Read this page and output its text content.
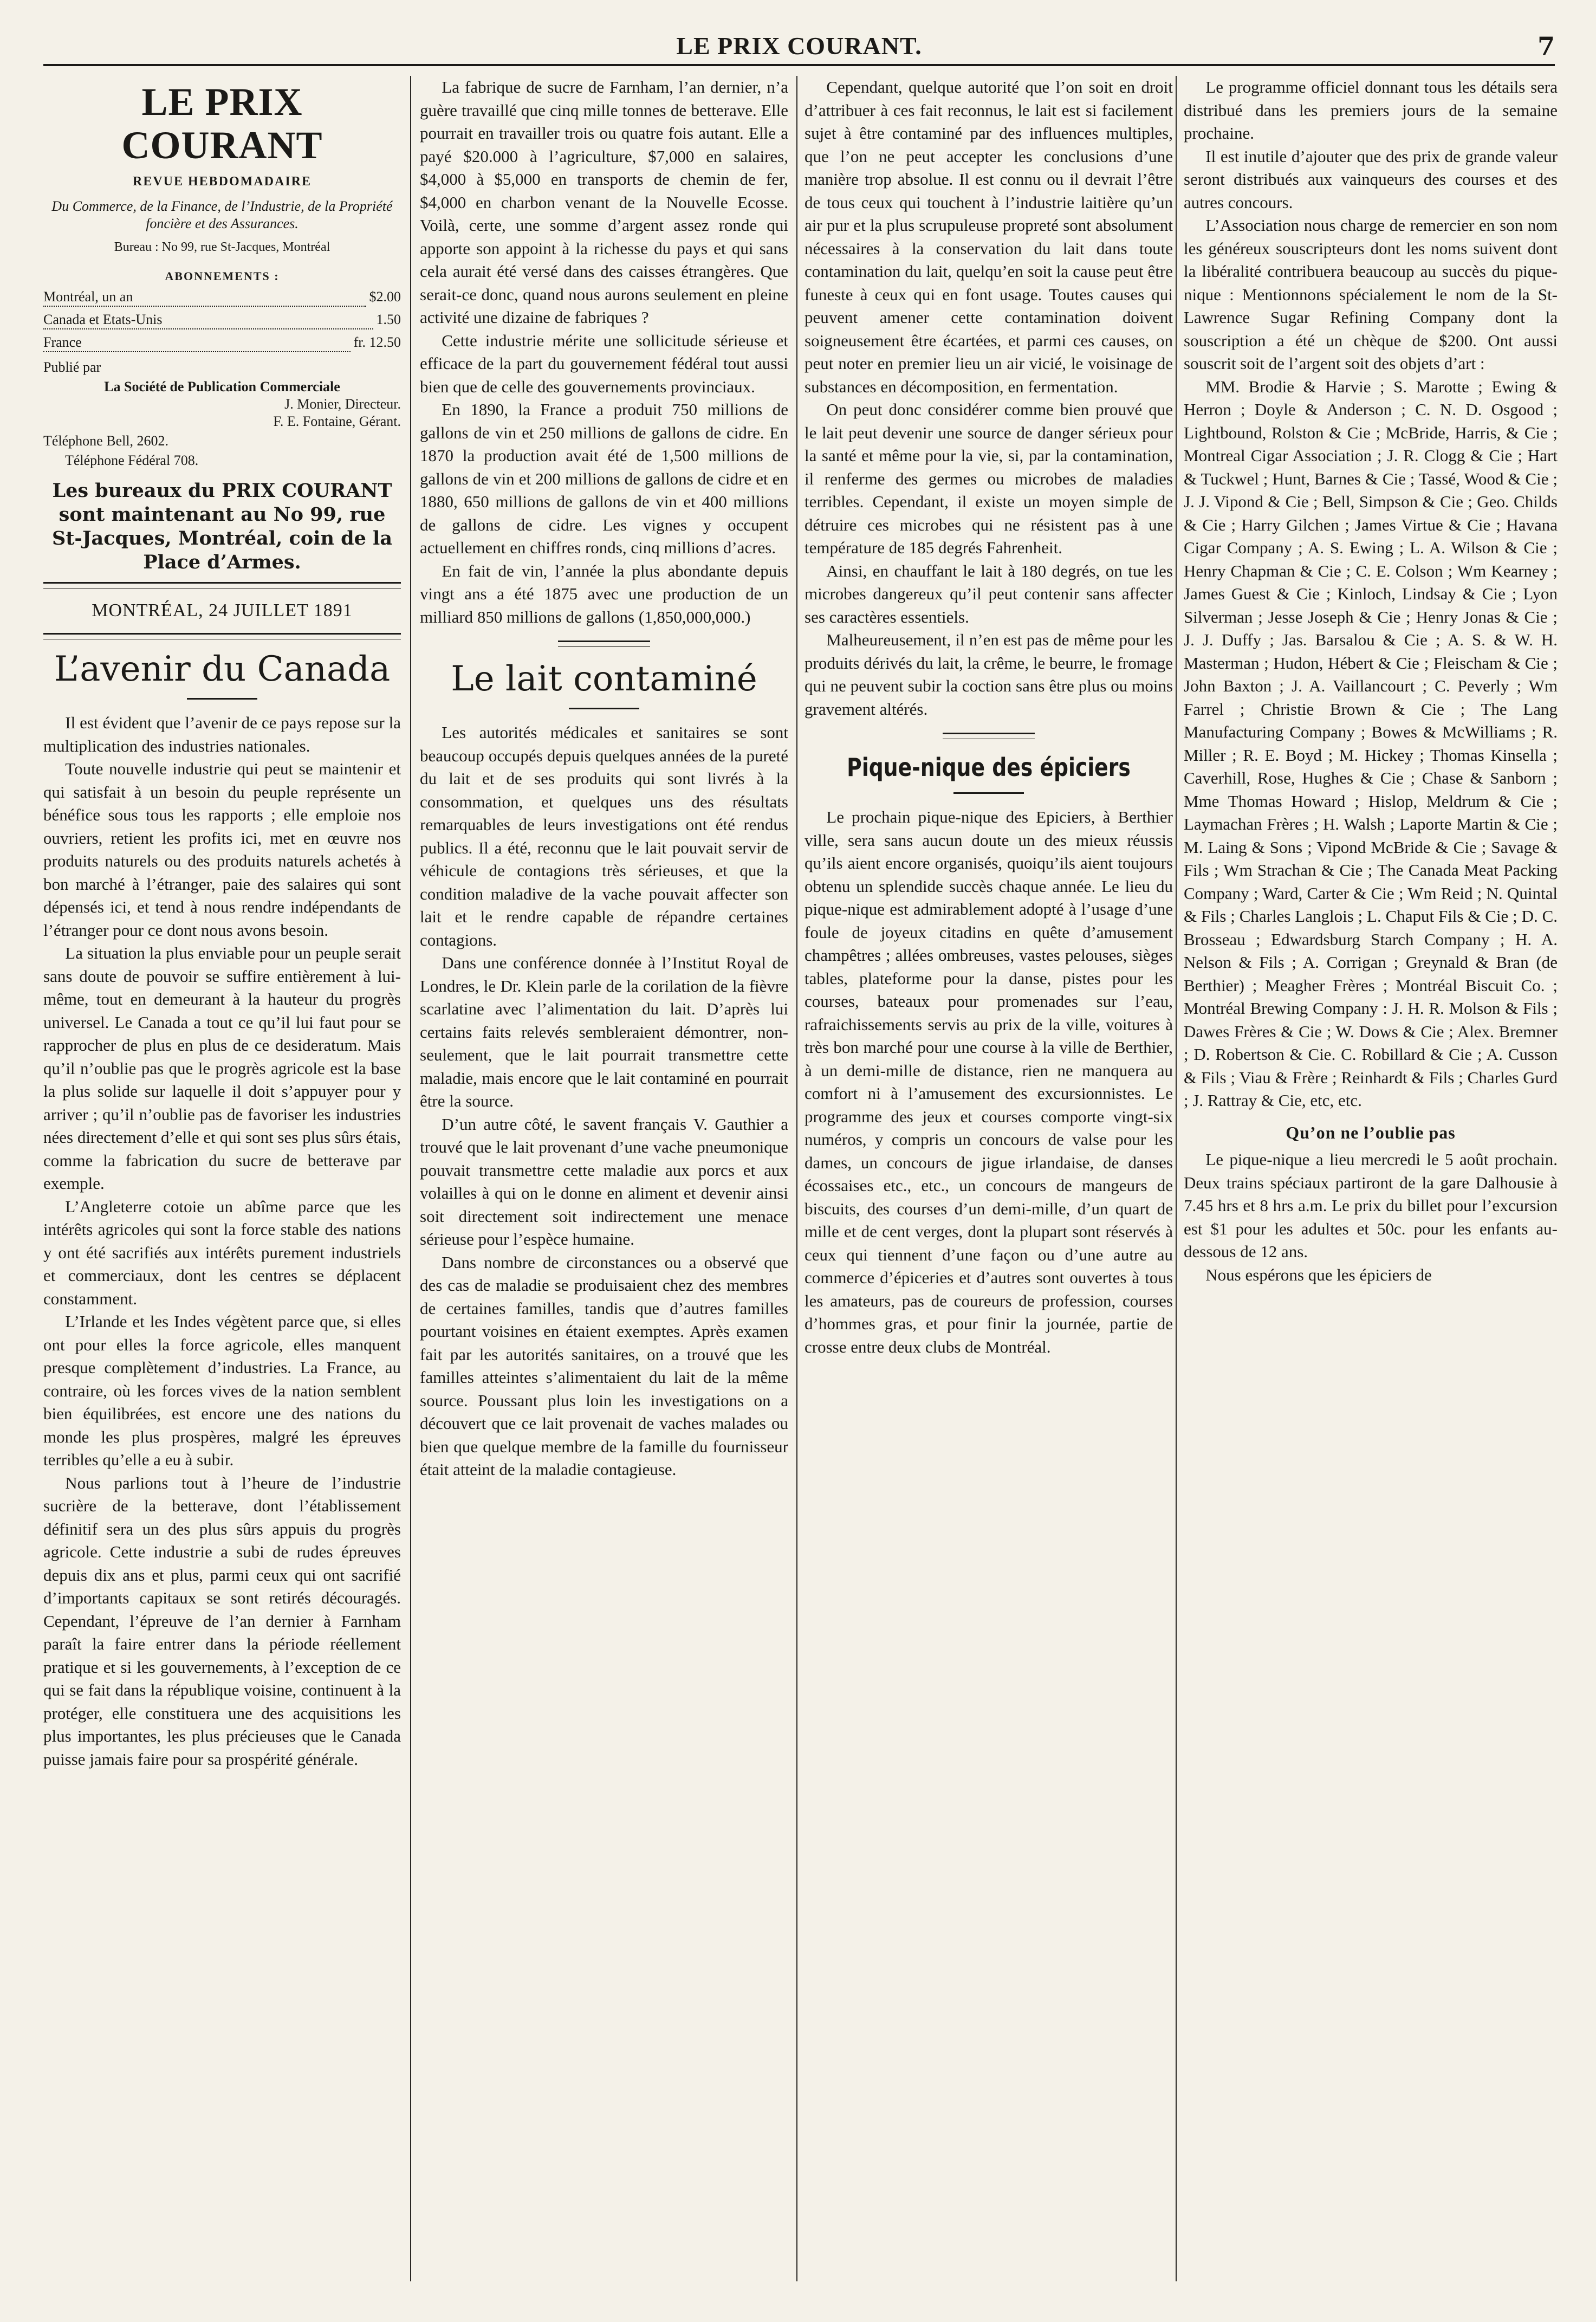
LE PRIX COURANT.	7
LE PRIX COURANT
REVUE HEBDOMADAIRE
Du Commerce, de la Finance, de l’Industrie, de la Propriété foncière et des Assurances.
Bureau : No 99, rue St-Jacques, Montréal
ABONNEMENTS :
Montréal, un an	$2.00
Canada et Etats-Unis	1.50
France	fr. 12.50
Publié par
La Société de Publication Commerciale
J. Monier, Directeur.
F. E. Fontaine, Gérant.
Téléphone Bell, 2602.
Téléphone Fédéral 708.
Les bureaux du PRIX COURANT sont maintenant au No 99, rue St-Jacques, Montréal, coin de la Place d’Armes.
MONTRÉAL, 24 JUILLET 1891
L’avenir du Canada

Il est évident que l’avenir de ce pays repose sur la multiplication des industries nationales.

Toute nouvelle industrie qui peut se maintenir et qui satisfait à un besoin du peuple représente un bénéfice sous tous les rapports ; elle emploie nos ouvriers, retient les profits ici, met en œuvre nos produits naturels ou des produits naturels achetés à bon marché à l’étranger, paie des salaires qui sont dépensés ici, et tend à nous rendre indépendants de l’étranger pour ce dont nous avons besoin.

La situation la plus enviable pour un peuple serait sans doute de pouvoir se suffire entièrement à lui-même, tout en demeurant à la hauteur du progrès universel. Le Canada a tout ce qu’il lui faut pour se rapprocher de plus en plus de ce desideratum. Mais qu’il n’oublie pas que le progrès agricole est la base la plus solide sur laquelle il doit s’appuyer pour y arriver ; qu’il n’oublie pas de favoriser les industries nées directement d’elle et qui sont ses plus sûrs étais, comme la fabrication du sucre de betterave par exemple.

L’Angleterre cotoie un abîme parce que les intérêts agricoles qui sont la force stable des nations y ont été sacrifiés aux intérêts purement industriels et commerciaux, dont les centres se déplacent constamment.

L’Irlande et les Indes végètent parce que, si elles ont pour elles la force agricole, elles manquent presque complètement d’industries. La France, au contraire, où les forces vives de la nation semblent bien équilibrées, est encore une des nations du monde les plus prospères, malgré les épreuves terribles qu’elle a eu à subir.

Nous parlions tout à l’heure de l’industrie sucrière de la betterave, dont l’établissement définitif sera un des plus sûrs appuis du progrès agricole. Cette industrie a subi de rudes épreuves depuis dix ans et plus, parmi ceux qui ont sacrifié d’importants capitaux se sont retirés découragés. Cependant, l’épreuve de l’an dernier à Farnham paraît la faire entrer dans la période réellement pratique et si les gouvernements, à l’exception de ce qui se fait dans la république voisine, continuent à la protéger, elle constituera une des acquisitions les plus importantes, les plus précieuses que le Canada puisse jamais faire pour sa prospérité générale.

La fabrique de sucre de Farnham, l’an dernier, n’a guère travaillé que cinq mille tonnes de betterave. Elle pourrait en travailler trois ou quatre fois autant. Elle a payé $20.000 à l’agriculture, $7,000 en salaires, $4,000 à $5,000 en transports de chemin de fer, $4,000 en charbon venant de la Nouvelle Ecosse. Voilà, certe, une somme d’argent assez ronde qui apporte son appoint à la richesse du pays et qui sans cela aurait été versé dans des caisses étrangères. Que serait-ce donc, quand nous aurons seulement en pleine activité une dizaine de fabriques ?

Cette industrie mérite une sollicitude sérieuse et efficace de la part du gouvernement fédéral tout aussi bien que de celle des gouvernements provinciaux.

En 1890, la France a produit 750 millions de gallons de vin et 250 millions de gallons de cidre. En 1870 la production avait été de 1,500 millions de gallons de vin et 200 millions de gallons de cidre et en 1880, 650 millions de gallons de vin et 400 millions de gallons de cidre. Les vignes y occupent actuellement en chiffres ronds, cinq millions d’acres.

En fait de vin, l’année la plus abondante depuis vingt ans a été 1875 avec une production de un milliard 850 millions de gallons (1,850,000,000.)

Le lait contaminé

Les autorités médicales et sanitaires se sont beaucoup occupés depuis quelques années de la pureté du lait et de ses produits qui sont livrés à la consommation, et quelques uns des résultats remarquables de leurs investigations ont été rendus publics. Il a été, reconnu que le lait pouvait servir de véhicule de contagions très sérieuses, et que la condition maladive de la vache pouvait affecter son lait et le rendre capable de répandre certaines contagions.

Dans une conférence donnée à l’Institut Royal de Londres, le Dr. Klein parle de la corilation de la fièvre scarlatine avec l’alimentation du lait. D’après lui certains faits relevés sembleraient démontrer, non-seulement, que le lait pourrait transmettre cette maladie, mais encore que le lait contaminé en pourrait être la source.

D’un autre côté, le savent français V. Gauthier a trouvé que le lait provenant d’une vache pneumonique pouvait transmettre cette maladie aux porcs et aux volailles à qui on le donne en aliment et devenir ainsi soit directement soit indirectement une menace sérieuse pour l’espèce humaine.

Dans nombre de circonstances ou a observé que des cas de maladie se produisaient chez des membres de certaines familles, tandis que d’autres familles pourtant voisines en étaient exemptes. Après examen fait par les autorités sanitaires, on a trouvé que les familles atteintes s’alimentaient du lait de la même source. Poussant plus loin les investigations on a découvert que ce lait provenait de vaches malades ou bien que quelque membre de la famille du fournisseur était atteint de la maladie contagieuse.

Cependant, quelque autorité que l’on soit en droit d’attribuer à ces fait reconnus, le lait est si facilement sujet à être contaminé par des influences multiples, que l’on ne peut accepter les conclusions d’une manière trop absolue. Il est connu ou il devrait l’être de tous ceux qui touchent à l’industrie laitière qu’un air pur et la plus scrupuleuse propreté sont absolument nécessaires à la conservation du lait dans toute contamination du lait, quelqu’en soit la cause peut être funeste à ceux qui en font usage. Toutes causes qui peuvent amener cette contamination doivent soigneusement être écartées, et parmi ces causes, on peut noter en premier lieu un air vicié, le voisinage de substances en décomposition, en fermentation.

On peut donc considérer comme bien prouvé que le lait peut devenir une source de danger sérieux pour la santé et même pour la vie, si, par la contamination, il renferme des germes ou microbes de maladies terribles. Cependant, il existe un moyen simple de détruire ces microbes qui ne résistent pas à une température de 185 degrés Fahrenheit.

Ainsi, en chauffant le lait à 180 degrés, on tue les microbes dangereux qu’il peut contenir sans affecter ses caractères essentiels.

Malheureusement, il n’en est pas de même pour les produits dérivés du lait, la crême, le beurre, le fromage qui ne peuvent subir la coction sans être plus ou moins gravement altérés.

Pique-nique des épiciers

Le prochain pique-nique des Epiciers, à Berthier ville, sera sans aucun doute un des mieux réussis qu’ils aient encore organisés, quoiqu’ils aient toujours obtenu un splendide succès chaque année. Le lieu du pique-nique est admirablement adopté à l’usage d’une foule de joyeux citadins en quête d’amusement champêtres ; allées ombreuses, vastes pelouses, sièges tables, plateforme pour la danse, pistes pour les courses, bateaux pour promenades sur l’eau, rafraichissements servis au prix de la ville, voitures à très bon marché pour une course à la ville de Berthier, à un demi-mille de distance, rien ne manquera au comfort ni à l’amusement des excursionnistes. Le programme des jeux et courses comporte vingt-six numéros, y compris un concours de valse pour les dames, un concours de jigue irlandaise, de danses écossaises etc., etc., un concours de mangeurs de biscuits, des courses d’un demi-mille, d’un quart de mille et de cent verges, dont la plupart sont réservés à ceux qui tiennent d’une façon ou d’une autre au commerce d’épiceries et d’autres sont ouvertes à tous les amateurs, pas de coureurs de profession, courses d’hommes gras, et pour finir la journée, partie de crosse entre deux clubs de Montréal.

Le programme officiel donnant tous les détails sera distribué dans les premiers jours de la semaine prochaine.

Il est inutile d’ajouter que des prix de grande valeur seront distribués aux vainqueurs des courses et des autres concours.

L’Association nous charge de remercier en son nom les généreux souscripteurs dont les noms suivent dont la libéralité contribuera beaucoup au succès du pique-nique : Mentionnons spécialement le nom de la St-Lawrence Sugar Refining Company dont la souscription a été un chèque de $200. Ont aussi souscrit soit de l’argent soit des objets d’art :

MM. Brodie & Harvie ; S. Marotte ; Ewing & Herron ; Doyle & Anderson ; C. N. D. Osgood ; Lightbound, Rolston & Cie ; McBride, Harris, & Cie ; Montreal Cigar Association ; J. R. Clogg & Cie ; Hart & Tuckwel ; Hunt, Barnes & Cie ; Tassé, Wood & Cie ; J. J. Vipond & Cie ; Bell, Simpson & Cie ; Geo. Childs & Cie ; Harry Gilchen ; James Virtue & Cie ; Havana Cigar Company ; A. S. Ewing ; L. A. Wilson & Cie ; Henry Chapman & Cie ; C. E. Colson ; Wm Kearney ; James Guest & Cie ; Kinloch, Lindsay & Cie ; Lyon Silverman ; Jesse Joseph & Cie ; Henry Jonas & Cie ; J. J. Duffy ; Jas. Barsalou & Cie ; A. S. & W. H. Masterman ; Hudon, Hébert & Cie ; Fleischam & Cie ; John Baxton ; J. A. Vaillancourt ; C. Peverly ; Wm Farrel ; Christie Brown & Cie ; The Lang Manufacturing Company ; Bowes & McWilliams ; R. Miller ; R. E. Boyd ; M. Hickey ; Thomas Kinsella ; Caverhill, Rose, Hughes & Cie ; Chase & Sanborn ; Mme Thomas Howard ; Hislop, Meldrum & Cie ; Laymachan Frères ; H. Walsh ; Laporte Martin & Cie ; M. Laing & Sons ; Vipond McBride & Cie ; Savage & Fils ; Wm Strachan & Cie ; The Canada Meat Packing Company ; Ward, Carter & Cie ; Wm Reid ; N. Quintal & Fils ; Charles Langlois ; L. Chaput Fils & Cie ; D. C. Brosseau ; Edwardsburg Starch Company ; H. A. Nelson & Fils ; A. Corrigan ; Greynald & Bran (de Berthier) ; Meagher Frères ; Montréal Biscuit Co. ; Montréal Brewing Company : J. H. R. Molson & Fils ; Dawes Frères & Cie ; W. Dows & Cie ; Alex. Bremner ; D. Robertson & Cie. C. Robillard & Cie ; A. Cusson & Fils ; Viau & Frère ; Reinhardt & Fils ; Charles Gurd ; J. Rattray & Cie, etc, etc.

Qu’on ne l’oublie pas

Le pique-nique a lieu mercredi le 5 août prochain. Deux trains spéciaux partiront de la gare Dalhousie à 7.45 hrs et 8 hrs a.m. Le prix du billet pour l’excursion est $1 pour les adultes et 50c. pour les enfants au-dessous de 12 ans.

Nous espérons que les épiciers de
